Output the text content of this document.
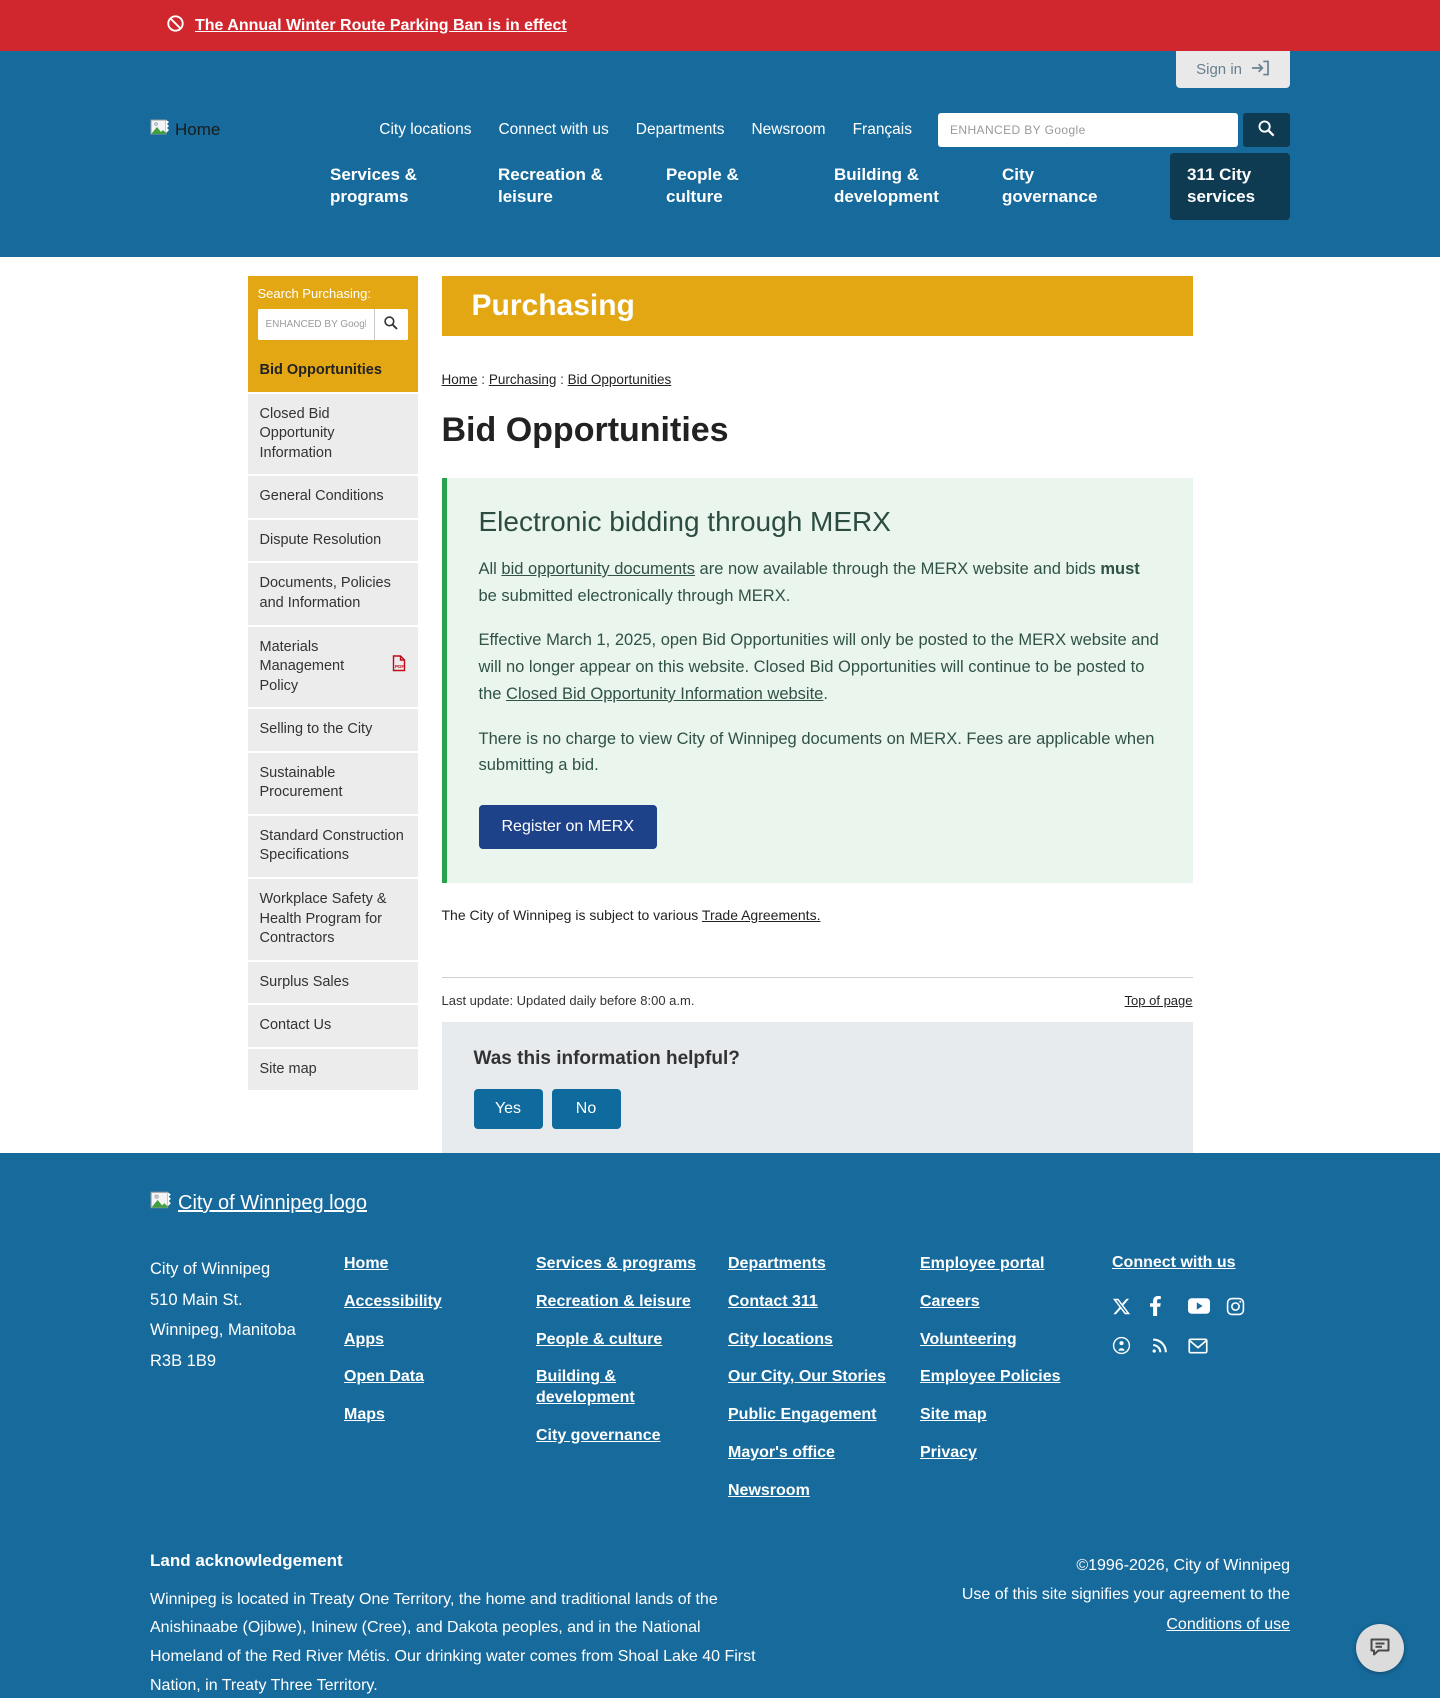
The Annual Winter Route Parking Ban is in effect
Sign in
Home	City locations Connect with us Departments Newsroom Français
ENHANCED BY Google
Services & programs
Recreation & leisure
People & culture
Building & development
City governance
311 City services
Search Purchasing:
ENHANCED BY Google
Bid Opportunities
Closed Bid Opportunity Information
General Conditions
Dispute Resolution
Documents, Policies and Information
Materials Management Policy
PDF
Selling to the City
Sustainable Procurement
Standard Construction Specifications
Workplace Safety & Health Program for Contractors
Surplus Sales
Contact Us
Site map
Purchasing
Home : Purchasing : Bid Opportunities
Bid Opportunities
Electronic bidding through MERX

All bid opportunity documents are now available through the MERX website and bids must be submitted electronically through MERX.

Effective March 1, 2025, open Bid Opportunities will only be posted to the MERX website and will no longer appear on this website. Closed Bid Opportunities will continue to be posted to the Closed Bid Opportunity Information website.

There is no charge to view City of Winnipeg documents on MERX. Fees are applicable when submitting a bid.

Register on MERX

The City of Winnipeg is subject to various Trade Agreements.

Last update: Updated daily before 8:00 a.m.	Top of page
Was this information helpful?
Yes	No
City of Winnipeg logo
City of Winnipeg
510 Main St.
Winnipeg, Manitoba
R3B 1B9
Home
Accessibility
Apps
Open Data
Maps
Services & programs
Recreation & leisure
People & culture
Building & development
City governance
Departments
Contact 311
City locations
Our City, Our Stories
Public Engagement
Mayor's office
Newsroom
Employee portal
Careers
Volunteering
Employee Policies
Site map
Privacy
Connect with us
Land acknowledgement

Winnipeg is located in Treaty One Territory, the home and traditional lands of the Anishinaabe (Ojibwe), Ininew (Cree), and Dakota peoples, and in the National Homeland of the Red River Métis. Our drinking water comes from Shoal Lake 40 First Nation, in Treaty Three Territory.

©1996-2026, City of Winnipeg
Use of this site signifies your agreement to the
Conditions of use
